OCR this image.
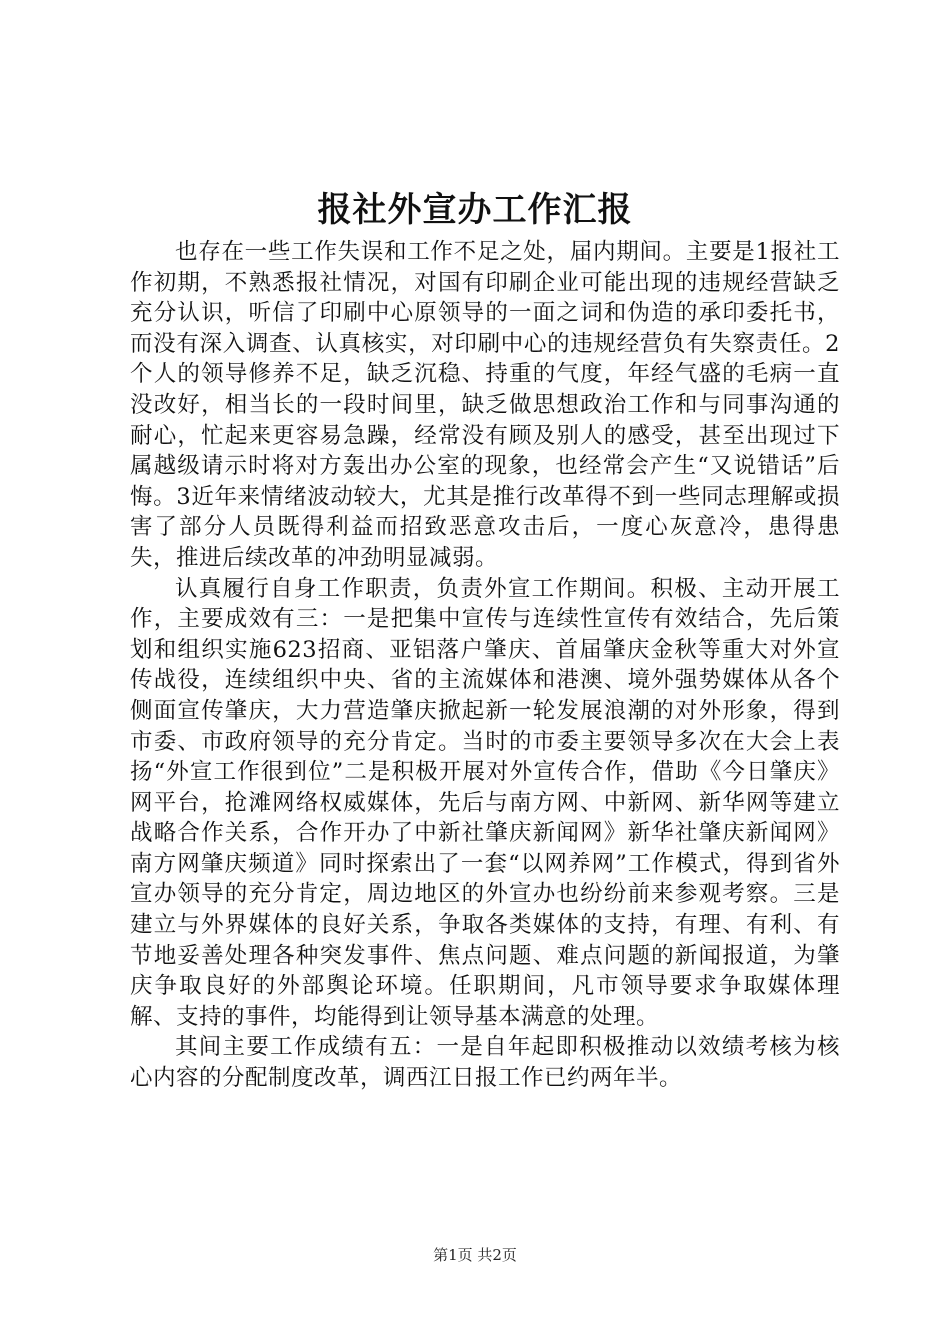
报社外宣办工作汇报

也存在一些工作失误和工作不足之处，届内期间。主要是1报社工作初期，不熟悉报社情况，对国有印刷企业可能出现的违规经营缺乏充分认识，听信了印刷中心原领导的一面之词和伪造的承印委托书，而没有深入调查、认真核实，对印刷中心的违规经营负有失察责任。2个人的领导修养不足，缺乏沉稳、持重的气度，年经气盛的毛病一直没改好，相当长的一段时间里，缺乏做思想政治工作和与同事沟通的耐心，忙起来更容易急躁，经常没有顾及别人的感受，甚至出现过下属越级请示时将对方轰出办公室的现象，也经常会产生“又说错话”后悔。3近年来情绪波动较大，尤其是推行改革得不到一些同志理解或损害了部分人员既得利益而招致恶意攻击后，一度心灰意冷，患得患失，推进后续改革的冲劲明显减弱。

认真履行自身工作职责，负责外宣工作期间。积极、主动开展工作，主要成效有三：一是把集中宣传与连续性宣传有效结合，先后策划和组织实施623招商、亚铝落户肇庆、首届肇庆金秋等重大对外宣传战役，连续组织中央、省的主流媒体和港澳、境外强势媒体从各个侧面宣传肇庆，大力营造肇庆掀起新一轮发展浪潮的对外形象，得到市委、市政府领导的充分肯定。当时的市委主要领导多次在大会上表扬“外宣工作很到位”二是积极开展对外宣传合作，借助《今日肇庆》网平台，抢滩网络权威媒体，先后与南方网、中新网、新华网等建立战略合作关系，合作开办了中新社肇庆新闻网》新华社肇庆新闻网》南方网肇庆频道》同时探索出了一套“以网养网”工作模式，得到省外宣办领导的充分肯定，周边地区的外宣办也纷纷前来参观考察。三是建立与外界媒体的良好关系，争取各类媒体的支持，有理、有利、有节地妥善处理各种突发事件、焦点问题、难点问题的新闻报道，为肇庆争取良好的外部舆论环境。任职期间，凡市领导要求争取媒体理解、支持的事件，均能得到让领导基本满意的处理。

其间主要工作成绩有五：一是自年起即积极推动以效绩考核为核心内容的分配制度改革，调西江日报工作已约两年半。

第1页 共2页
